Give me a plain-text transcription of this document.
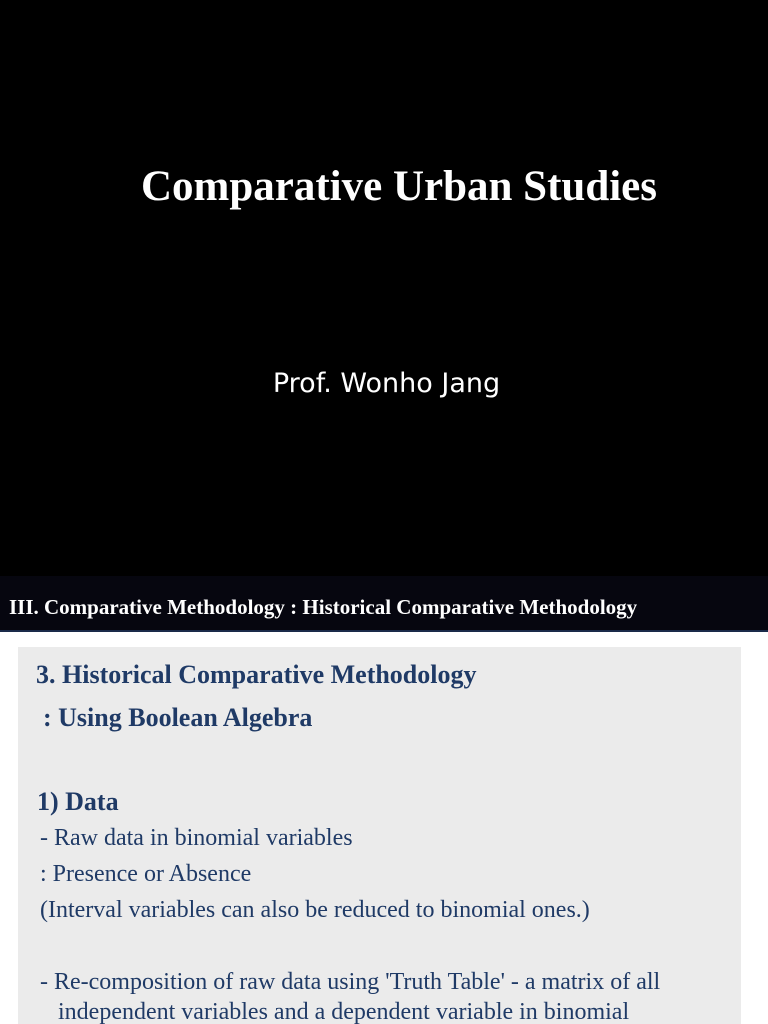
Comparative Urban Studies
Prof. Wonho Jang
III. Comparative Methodology : Historical Comparative Methodology
3. Historical Comparative Methodology
: Using Boolean Algebra
1) Data
- Raw data in binomial variables
: Presence or Absence
(Interval variables can also be reduced to binomial ones.)
- Re-composition of raw data using 'Truth Table' - a matrix of all
independent variables and a dependent variable in binomial
